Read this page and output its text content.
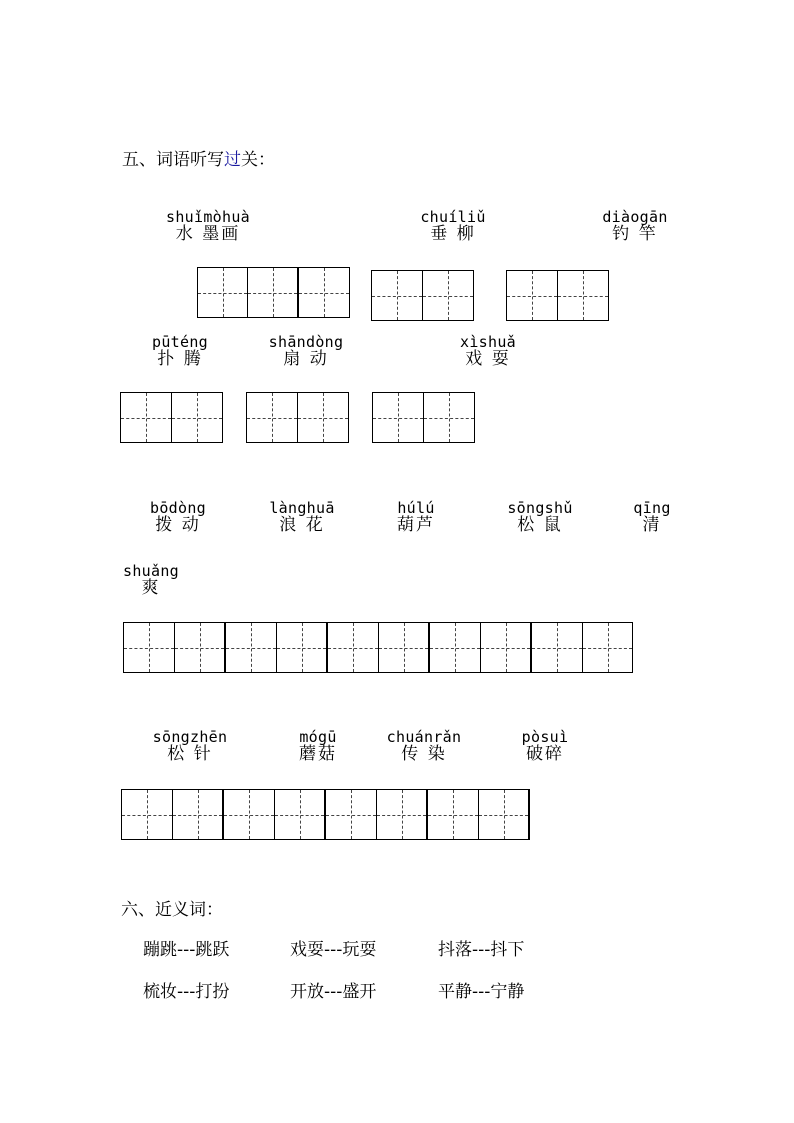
五、词语听写过关：
shuǐmòhuà
水 墨画
chuíliǔ
垂 柳
diàogān
钓 竿
pūténg
扑 腾
shāndòng
扇 动
xìshuǎ
戏 耍
bōdòng
拨 动
lànghuā
浪 花
húlú
葫芦
sōngshǔ
松 鼠
qīng
清
shuǎng
爽
sōngzhēn
松 针
mógū
蘑菇
chuánrǎn
传 染
pòsuì
破碎
六、近义词：
蹦跳---跳跃	戏耍---玩耍	抖落---抖下
梳妆---打扮	开放---盛开	平静---宁静
